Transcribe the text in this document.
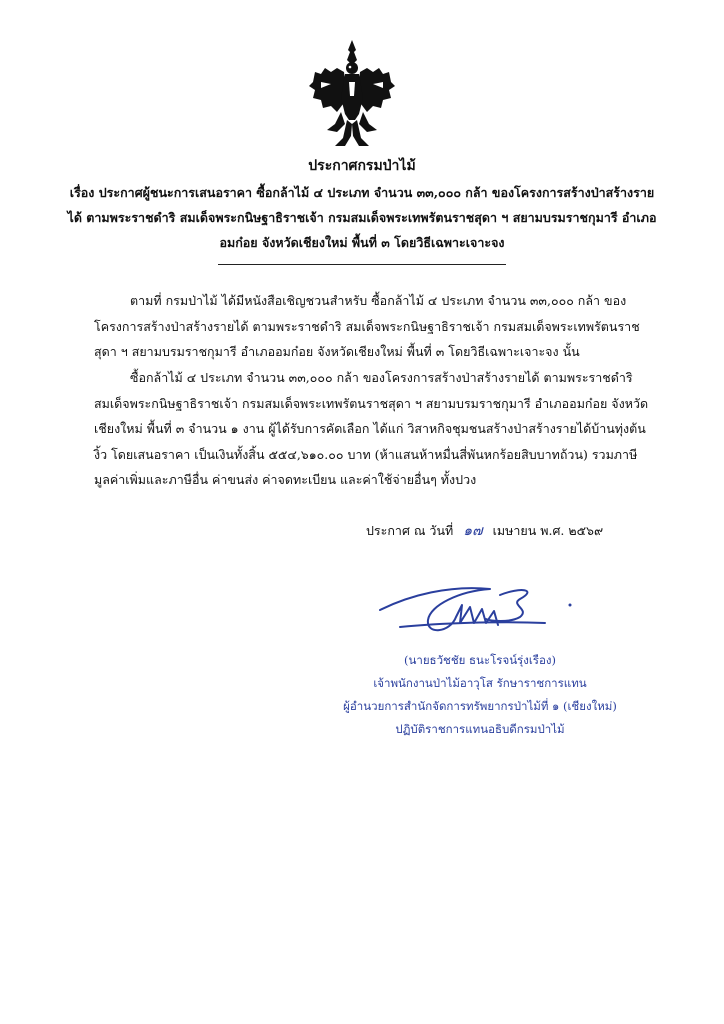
ประกาศกรมป่าไม้
เรื่อง ประกาศผู้ชนะการเสนอราคา ซื้อกล้าไม้ ๔ ประเภท จำนวน ๓๓,๐๐๐ กล้า ของโครงการสร้างป่าสร้างราย
ได้ ตามพระราชดำริ สมเด็จพระกนิษฐาธิราชเจ้า กรมสมเด็จพระเทพรัตนราชสุดา ฯ สยามบรมราชกุมารี อำเภอ
อมก๋อย จังหวัดเชียงใหม่ พื้นที่ ๓ โดยวิธีเฉพาะเจาะจง
ตามที่ กรมป่าไม้ ได้มีหนังสือเชิญชวนสำหรับ ซื้อกล้าไม้ ๔ ประเภท จำนวน ๓๓,๐๐๐ กล้า ของโครงการสร้างป่าสร้างรายได้ ตามพระราชดำริ สมเด็จพระกนิษฐาธิราชเจ้า กรมสมเด็จพระเทพรัตนราชสุดา ฯ สยามบรมราชกุมารี อำเภออมก๋อย จังหวัดเชียงใหม่ พื้นที่ ๓ โดยวิธีเฉพาะเจาะจง นั้น
ซื้อกล้าไม้ ๔ ประเภท จำนวน ๓๓,๐๐๐ กล้า ของโครงการสร้างป่าสร้างรายได้ ตามพระราชดำริ สมเด็จพระกนิษฐาธิราชเจ้า กรมสมเด็จพระเทพรัตนราชสุดา ฯ สยามบรมราชกุมารี อำเภออมก๋อย จังหวัดเชียงใหม่ พื้นที่ ๓ จำนวน ๑ งาน ผู้ได้รับการคัดเลือก ได้แก่ วิสาหกิจชุมชนสร้างป่าสร้างรายได้บ้านทุ่งต้นงิ้ว โดยเสนอราคา เป็นเงินทั้งสิ้น ๕๕๔,๖๑๐.๐๐ บาท (ห้าแสนห้าหมื่นสี่พันหกร้อยสิบบาทถ้วน) รวมภาษีมูลค่าเพิ่มและภาษีอื่น ค่าขนส่ง ค่าจดทะเบียน และค่าใช้จ่ายอื่นๆ ทั้งปวง
ประกาศ ณ วันที่ ๑๗ เมษายน พ.ศ. ๒๕๖๙
(นายธวัชชัย ธนะโรจน์รุ่งเรือง)
เจ้าพนักงานป่าไม้อาวุโส รักษาราชการแทน
ผู้อำนวยการสำนักจัดการทรัพยากรป่าไม้ที่ ๑ (เชียงใหม่)
ปฏิบัติราชการแทนอธิบดีกรมป่าไม้
